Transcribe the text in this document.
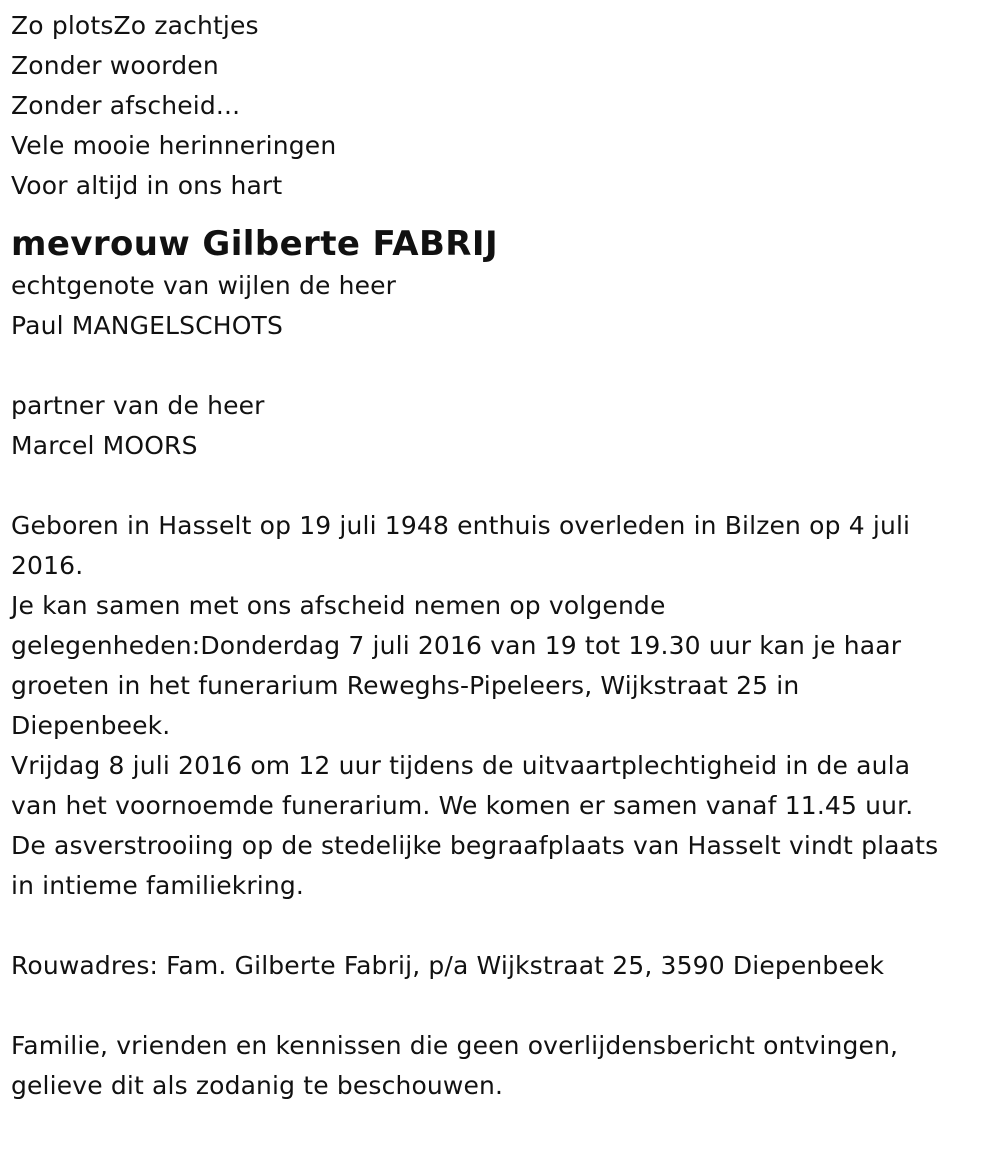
Zo plotsZo zachtjes
Zonder woorden
Zonder afscheid...
Vele mooie herinneringen
Voor altijd in ons hart
mevrouw Gilberte FABRIJ
echtgenote van wijlen de heer
Paul MANGELSCHOTS
partner van de heer
Marcel MOORS
Geboren in Hasselt op 19 juli 1948 enthuis overleden in Bilzen op 4 juli
2016.
Je kan samen met ons afscheid nemen op volgende
gelegenheden:Donderdag 7 juli 2016 van 19 tot 19.30 uur kan je haar
groeten in het funerarium Reweghs-Pipeleers, Wijkstraat 25 in
Diepenbeek.
Vrijdag 8 juli 2016 om 12 uur tijdens de uitvaartplechtigheid in de aula
van het voornoemde funerarium. We komen er samen vanaf 11.45 uur.
De asverstrooiing op de stedelijke begraafplaats van Hasselt vindt plaats
in intieme familiekring.
Rouwadres: Fam. Gilberte Fabrij, p/a Wijkstraat 25, 3590 Diepenbeek
Familie, vrienden en kennissen die geen overlijdensbericht ontvingen,
gelieve dit als zodanig te beschouwen.
